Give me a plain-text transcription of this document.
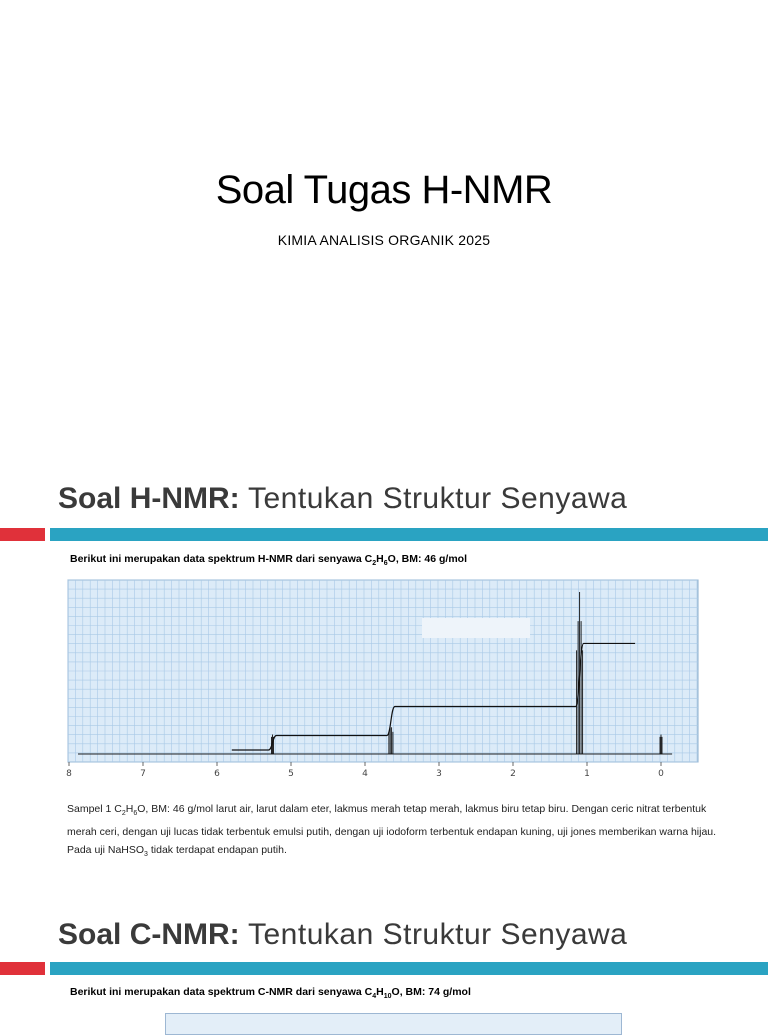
Soal Tugas H-NMR
KIMIA ANALISIS ORGANIK 2025
Soal H-NMR: Tentukan Struktur Senyawa
Berikut ini merupakan data spektrum H-NMR dari senyawa $C_2H_6O$, BM: 46 g/mol
8	7	6	5	4	3	2	1	0
Sampel 1 $C_2H_6O$, BM: 46 g/mol larut air, larut dalam eter, lakmus merah tetap merah, lakmus biru tetap biru. Dengan ceric nitrat terbentuk merah ceri, dengan uji lucas tidak terbentuk emulsi putih, dengan uji iodoform terbentuk endapan kuning, uji jones memberikan warna hijau. Pada uji NaHSO$_3$ tidak terdapat endapan putih.
Soal C-NMR: Tentukan Struktur Senyawa
Berikut ini merupakan data spektrum C-NMR dari senyawa $C_4H_{10}O$, BM: 74 g/mol
